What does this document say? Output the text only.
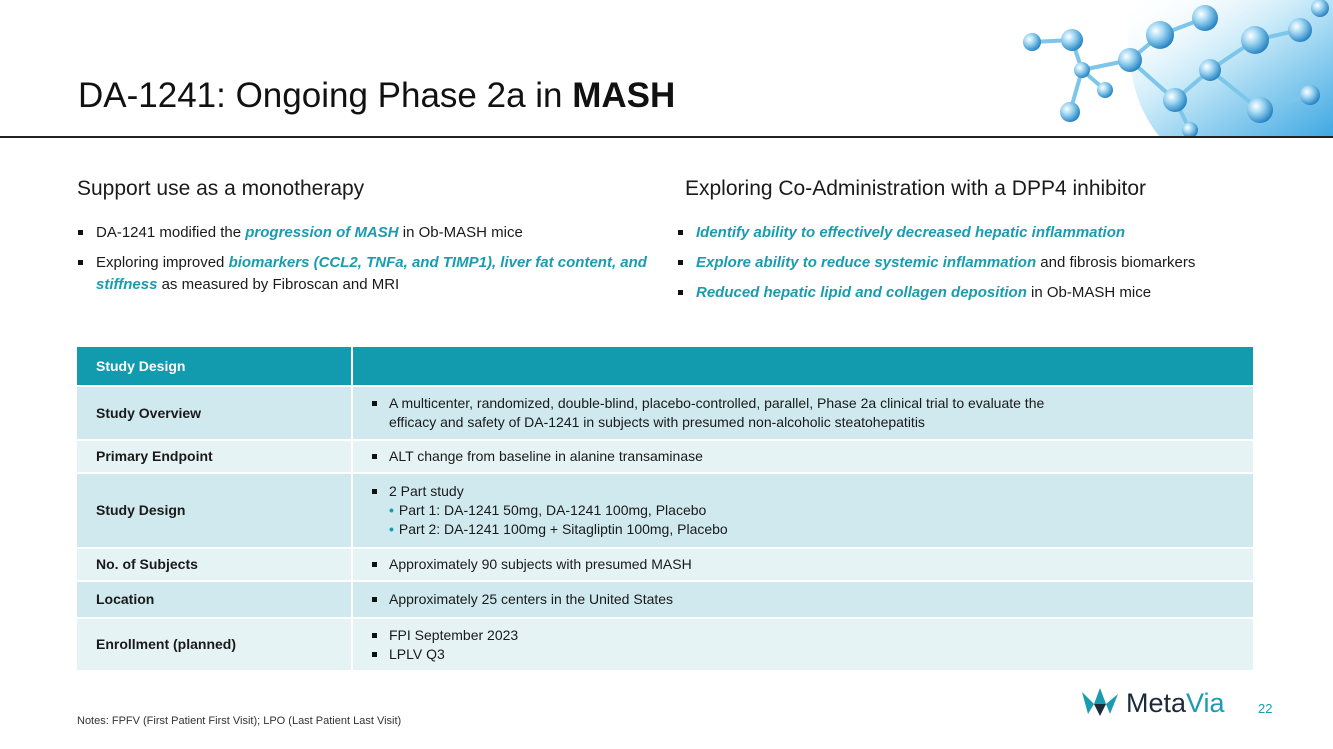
DA-1241: Ongoing Phase 2a in MASH
Support use as a monotherapy
DA-1241 modified the progression of MASH in Ob-MASH mice
Exploring improved biomarkers (CCL2, TNFa, and TIMP1), liver fat content, and stiffness as measured by Fibroscan and MRI
Exploring Co-Administration with a DPP4 inhibitor
Identify ability to effectively decreased hepatic inflammation
Explore ability to reduce systemic inflammation and fibrosis biomarkers
Reduced hepatic lipid and collagen deposition in Ob-MASH mice
Study Design	
Study Overview	A multicenter, randomized, double-blind, placebo-controlled, parallel, Phase 2a clinical trial to evaluate the
efficacy and safety of DA-1241 in subjects with presumed non-alcoholic steatohepatitis

Primary Endpoint	ALT change from baseline in alanine transaminase
Study Design	2 Part study
• Part 1: DA-1241 50mg, DA-1241 100mg, Placebo
• Part 2: DA-1241 100mg + Sitagliptin 100mg, Placebo

No. of Subjects	Approximately 90 subjects with presumed MASH
Location	Approximately 25 centers in the United States
Enrollment (planned)	FPI September 2023
LPLV Q3
Notes: FPFV (First Patient First Visit); LPO (Last Patient Last Visit)
MetaVia	22
